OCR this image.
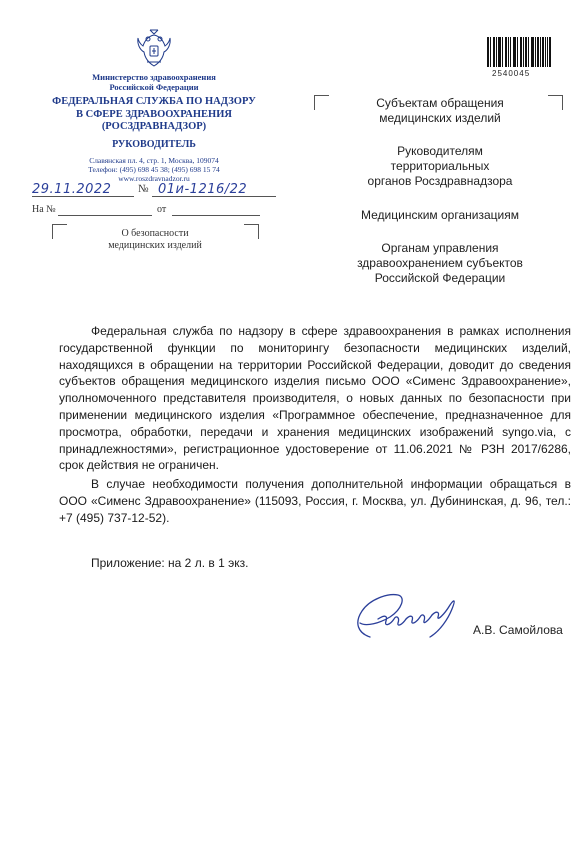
Министерство здравоохранения
Российской Федерации
ФЕДЕРАЛЬНАЯ СЛУЖБА ПО НАДЗОРУ
В СФЕРЕ ЗДРАВООХРАНЕНИЯ
(РОСЗДРАВНАДЗОР)
РУКОВОДИТЕЛЬ
Славянская пл. 4, стр. 1, Москва, 109074
Телефон: (495) 698 45 38; (495) 698 15 74
www.roszdravnadzor.ru
29.11.2022	№ 01и-1216/22
На №	от
О безопасности
медицинских изделий
2540045
Субъектам обращения
медицинских изделий
Руководителям
территориальных
органов Росздравнадзора
Медицинским организациям
Органам управления
здравоохранением субъектов
Российской Федерации

Федеральная служба по надзору в сфере здравоохранения в рамках исполнения государственной функции по мониторингу безопасности медицинских изделий, находящихся в обращении на территории Российской Федерации, доводит до сведения субъектов обращения медицинского изделия письмо ООО «Сименс Здравоохранение», уполномоченного представителя производителя, о новых данных по безопасности при применении медицинского изделия «Программное обеспечение, предназначенное для просмотра, обработки, передачи и хранения медицинских изображений syngo.via, с принадлежностями», регистрационное удостоверение от 11.06.2021 № РЗН 2017/6286, срок действия не ограничен.

В случае необходимости получения дополнительной информации обращаться в ООО «Сименс Здравоохранение» (115093, Россия, г. Москва, ул. Дубининская, д. 96, тел.: +7 (495) 737-12-52).

Приложение: на 2 л. в 1 экз.
А.В. Самойлова
